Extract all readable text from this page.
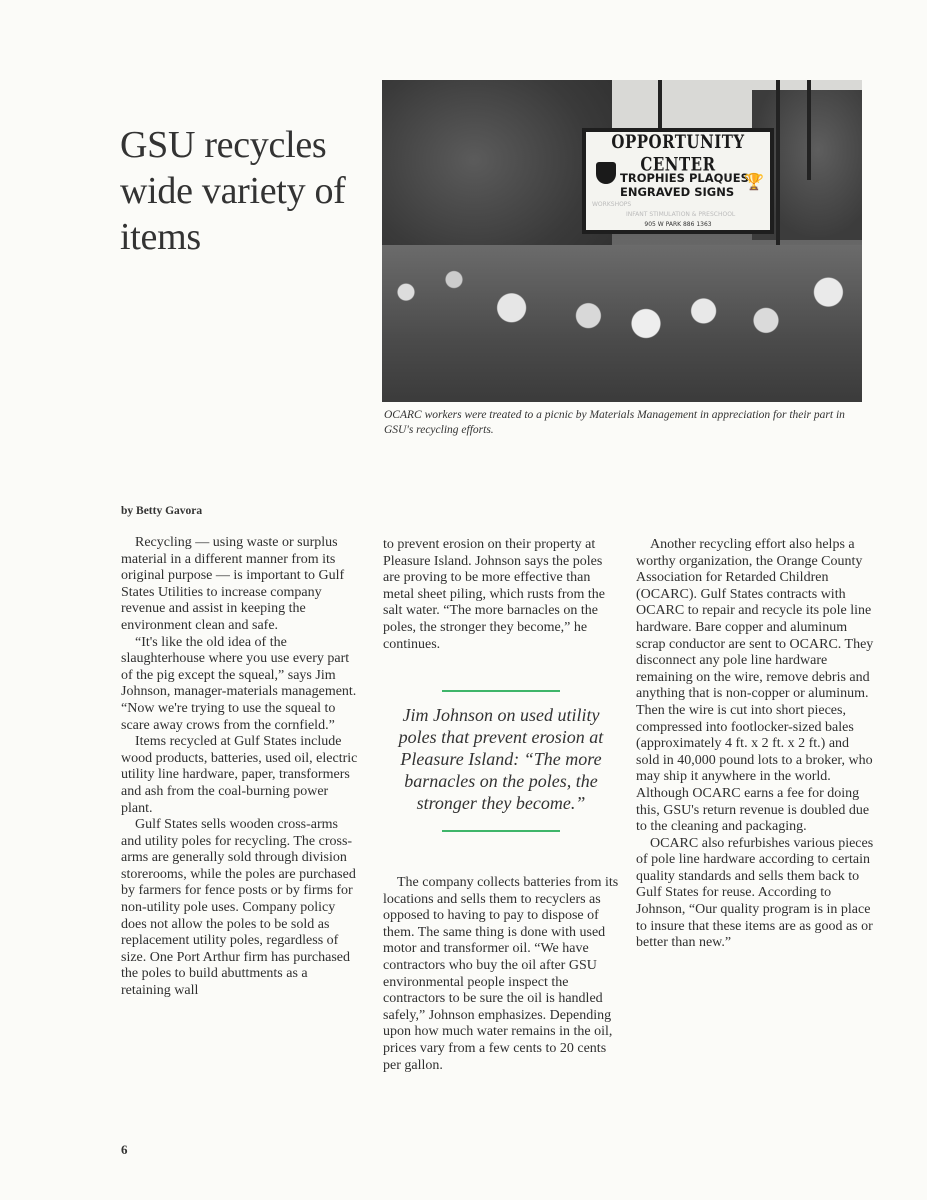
GSU recycles wide variety of items
OPPORTUNITY CENTER
TROPHIES PLAQUES
ENGRAVED SIGNS
🏆
WORKSHOPS
INFANT STIMULATION & PRESCHOOL
905 W PARK 886 1363
OCARC workers were treated to a picnic by Materials Management in appreciation for their part in GSU's recycling efforts.
by Betty Gavora

Recycling — using waste or surplus material in a different manner from its original purpose — is important to Gulf States Utilities to increase company revenue and assist in keeping the environment clean and safe.

“It's like the old idea of the slaughterhouse where you use every part of the pig except the squeal,” says Jim Johnson, manager-materials management. “Now we're trying to use the squeal to scare away crows from the cornfield.”

Items recycled at Gulf States include wood products, batteries, used oil, electric utility line hardware, paper, transformers and ash from the coal-burning power plant.

Gulf States sells wooden cross-arms and utility poles for recycling. The cross-arms are generally sold through division storerooms, while the poles are purchased by farmers for fence posts or by firms for non-utility pole uses. Company policy does not allow the poles to be sold as replacement utility poles, regardless of size. One Port Arthur firm has purchased the poles to build abuttments as a retaining wall

to prevent erosion on their property at Pleasure Island. Johnson says the poles are proving to be more effective than metal sheet piling, which rusts from the salt water. “The more barnacles on the poles, the stronger they become,” he continues.

Jim Johnson on used utility poles that prevent erosion at Pleasure Island: “The more barnacles on the poles, the stronger they become.”

The company collects batteries from its locations and sells them to recyclers as opposed to having to pay to dispose of them. The same thing is done with used motor and transformer oil. “We have contractors who buy the oil after GSU environmental people inspect the contractors to be sure the oil is handled safely,” Johnson emphasizes. Depending upon how much water remains in the oil, prices vary from a few cents to 20 cents per gallon.

Another recycling effort also helps a worthy organization, the Orange County Association for Retarded Children (OCARC). Gulf States contracts with OCARC to repair and recycle its pole line hardware. Bare copper and aluminum scrap conductor are sent to OCARC. They disconnect any pole line hardware remaining on the wire, remove debris and anything that is non-copper or aluminum. Then the wire is cut into short pieces, compressed into footlocker-sized bales (approximately 4 ft. x 2 ft. x 2 ft.) and sold in 40,000 pound lots to a broker, who may ship it anywhere in the world. Although OCARC earns a fee for doing this, GSU's return revenue is doubled due to the cleaning and packaging.

OCARC also refurbishes various pieces of pole line hardware according to certain quality standards and sells them back to Gulf States for reuse. According to Johnson, “Our quality program is in place to insure that these items are as good as or better than new.”

6
